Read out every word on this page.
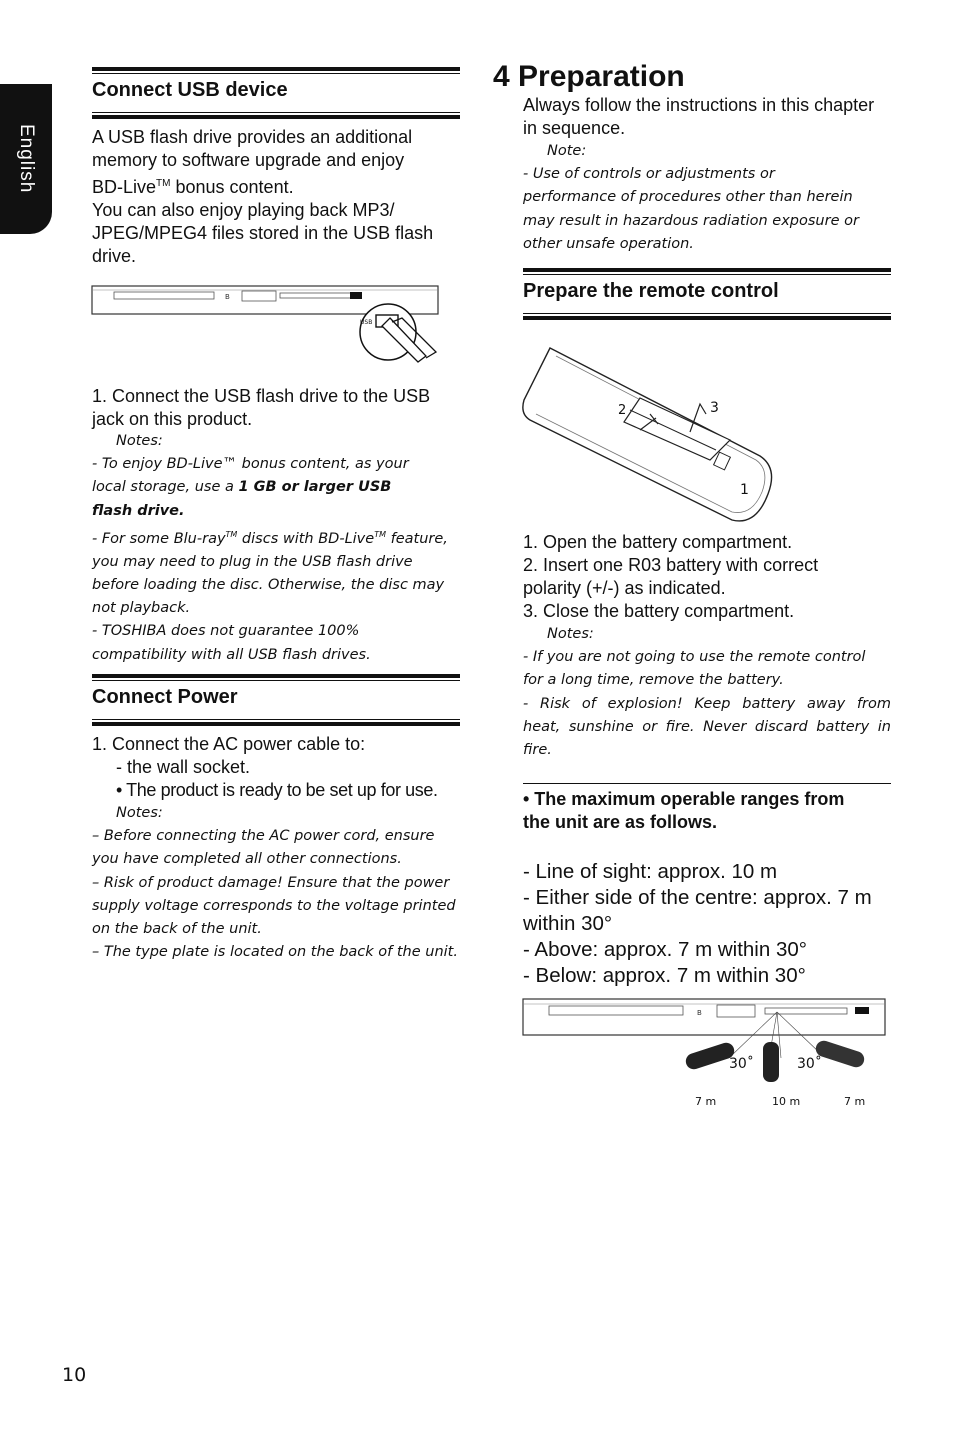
English
Connect USB device

A USB flash drive provides an additional

memory to software upgrade and enjoy

BD-Live™ bonus content.

You can also enjoy playing back MP3/

JPEG/MPEG4 files stored in the USB flash

drive.

B
USB

1. Connect the USB flash drive to the USB

jack on this product.

Notes:

- To enjoy BD-Live™ bonus content, as your

local storage, use a 1 GB or larger USB

flash drive.

- For some Blu-ray™ discs with BD-Live™ feature,

you may need to plug in the USB flash drive

before loading the disc. Otherwise, the disc may

not playback.

- TOSHIBA does not guarantee 100%

compatibility with all USB flash drives.

Connect Power

1. Connect the AC power cable to:

- the wall socket.

• The product is ready to be set up for use.

Notes:

– Before connecting the AC power cord, ensure

you have completed all other connections.

– Risk of product damage! Ensure that the power

supply voltage corresponds to the voltage printed

on the back of the unit.

– The type plate is located on the back of the unit.

4 Preparation

Always follow the instructions in this chapter

in sequence.

Note:

- Use of controls or adjustments or

performance of procedures other than herein

may result in hazardous radiation exposure or

other unsafe operation.

Prepare the remote control
2	3
1

1. Open the battery compartment.

2. Insert one R03 battery with correct

polarity (+/-) as indicated.

3. Close the battery compartment.

Notes:

- If you are not going to use the remote control

for a long time, remove the battery.

- Risk of explosion! Keep battery away from

heat, sunshine or fire. Never discard battery in

fire.

• The maximum operable ranges from

the unit are as follows.

- Line of sight: approx. 10 m

- Either side of the centre: approx. 7 m

within 30°

- Above: approx. 7 m within 30°

- Below: approx. 7 m within 30°

B
30˚	30˚
7 m	10 m	7 m
10
